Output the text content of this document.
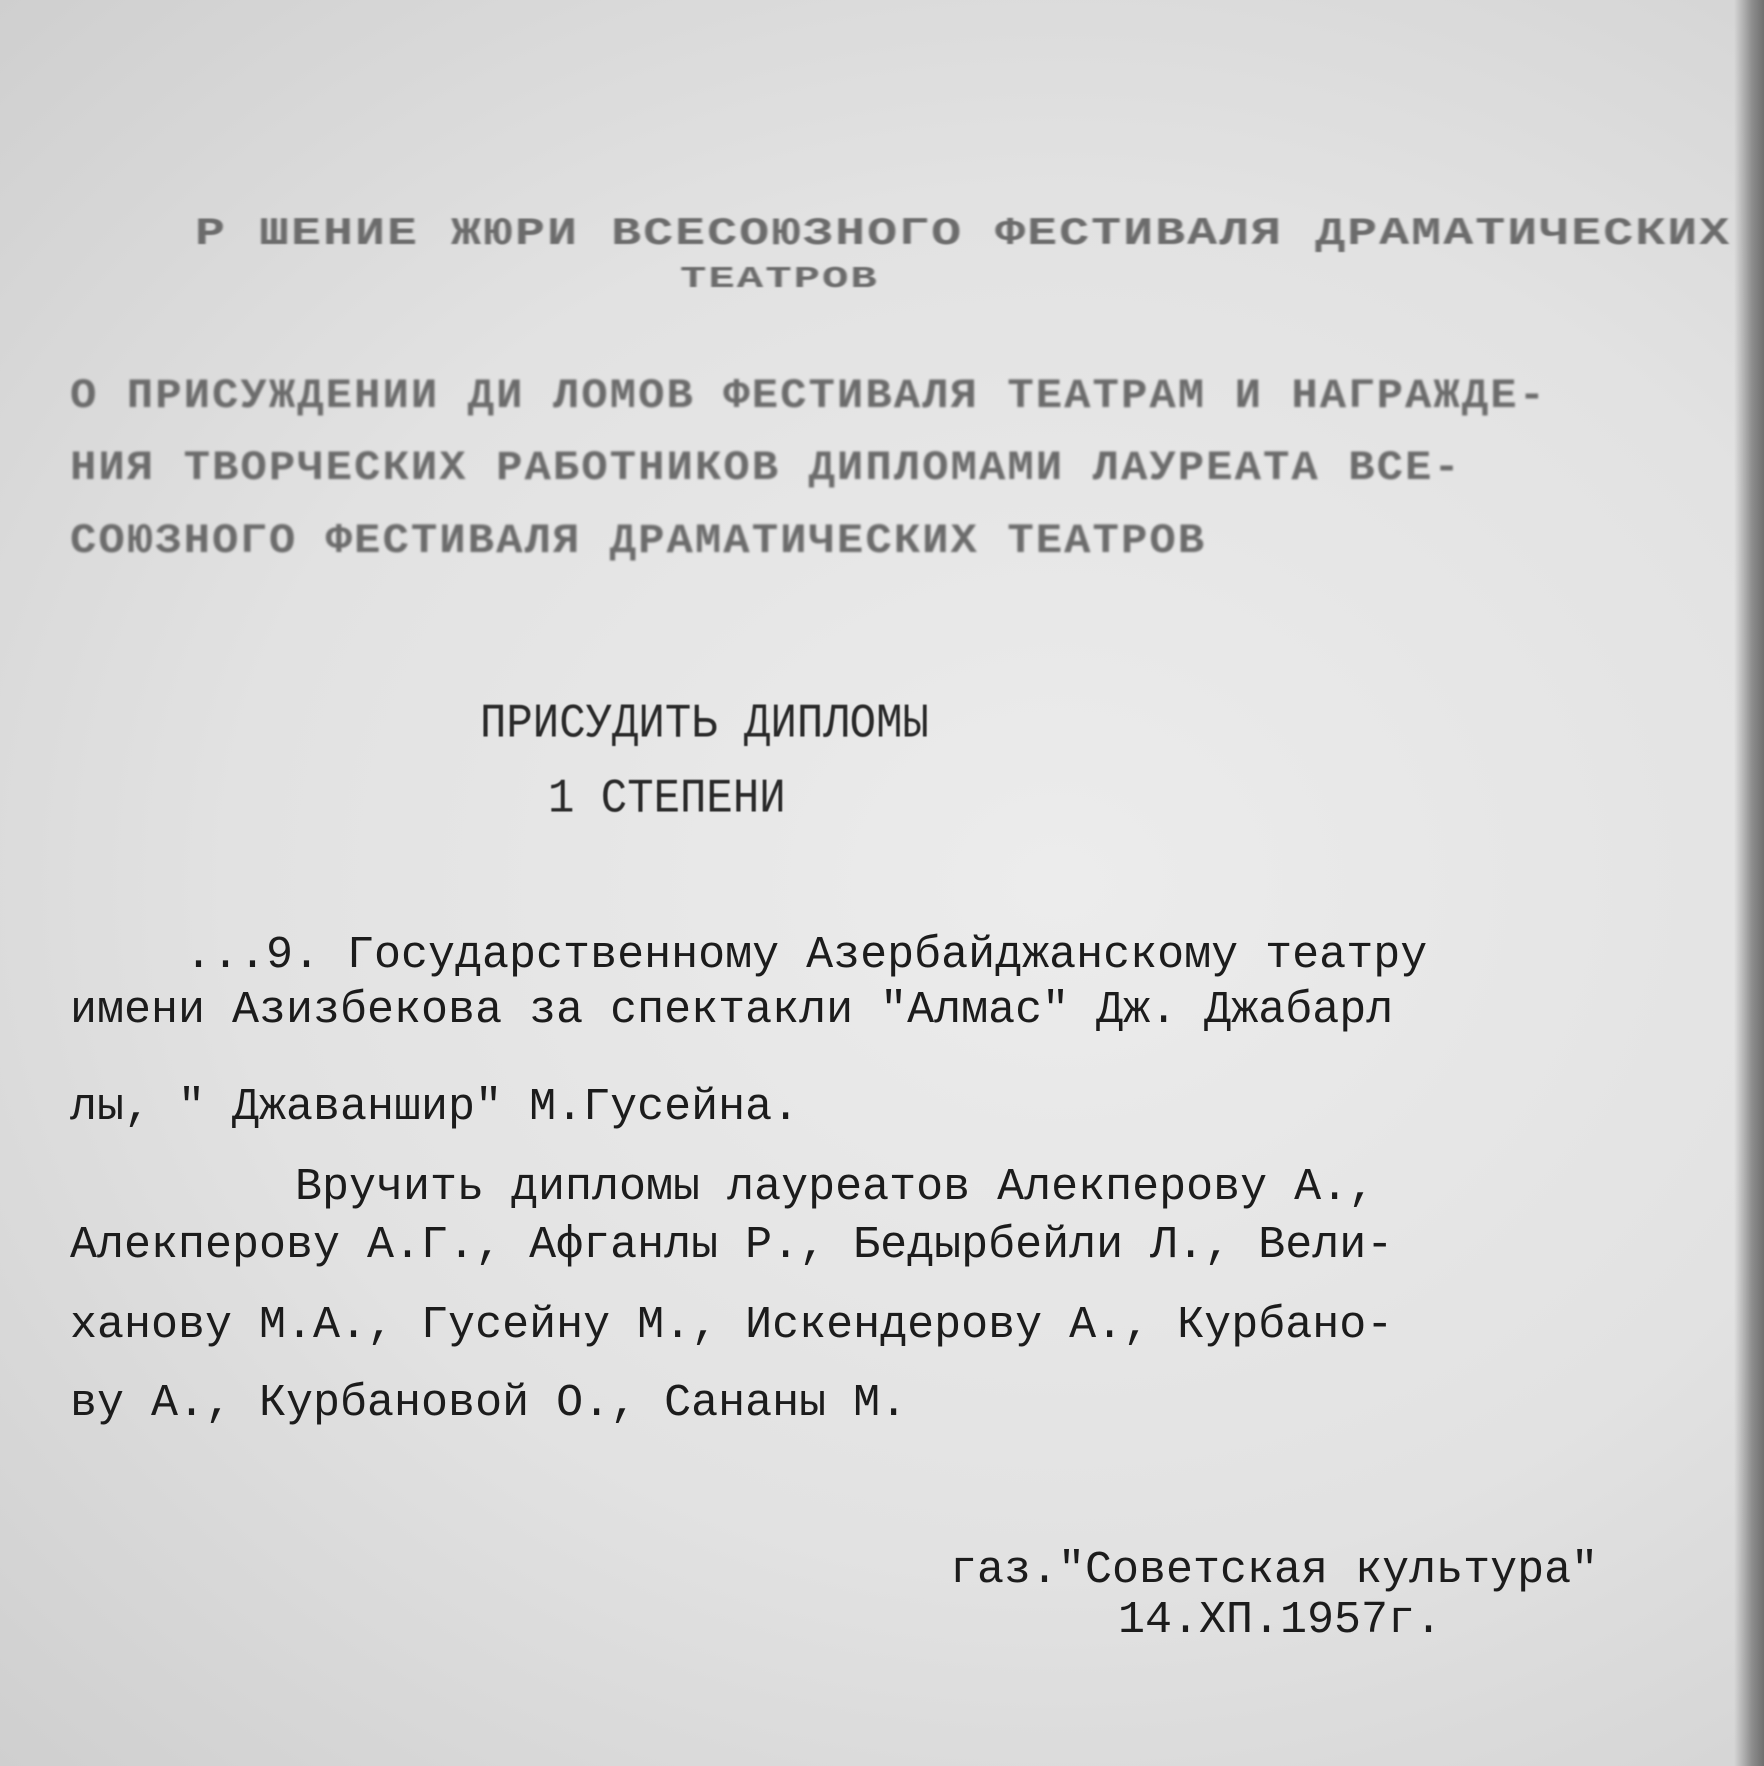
Р ШЕНИЕ ЖЮРИ ВСЕСОЮЗНОГО ФЕСТИВАЛЯ ДРАМАТИЧЕСКИХ
ТЕАТРОВ
О ПРИСУЖДЕНИИ ДИ ЛОМОВ ФЕСТИВАЛЯ ТЕАТРАМ И НАГРАЖДЕ-
НИЯ ТВОРЧЕСКИХ РАБОТНИКОВ ДИПЛОМАМИ ЛАУРЕАТА ВСЕ-
СОЮЗНОГО ФЕСТИВАЛЯ ДРАМАТИЧЕСКИХ ТЕАТРОВ
ПРИСУДИТЬ ДИПЛОМЫ
1 СТЕПЕНИ
...9. Государственному Азербайджанскому театру
имени Азизбекова за спектакли "Алмас" Дж. Джабарл
лы, " Джаваншир" М.Гусейна.
Вручить дипломы лауреатов Алекперову А.,
Алекперову А.Г., Афганлы Р., Бедырбейли Л., Вели-
ханову М.А., Гусейну М., Искендерову А., Курбано-
ву А., Курбановой О., Сананы М.
газ."Советская культура"
14.ХП.1957г.
